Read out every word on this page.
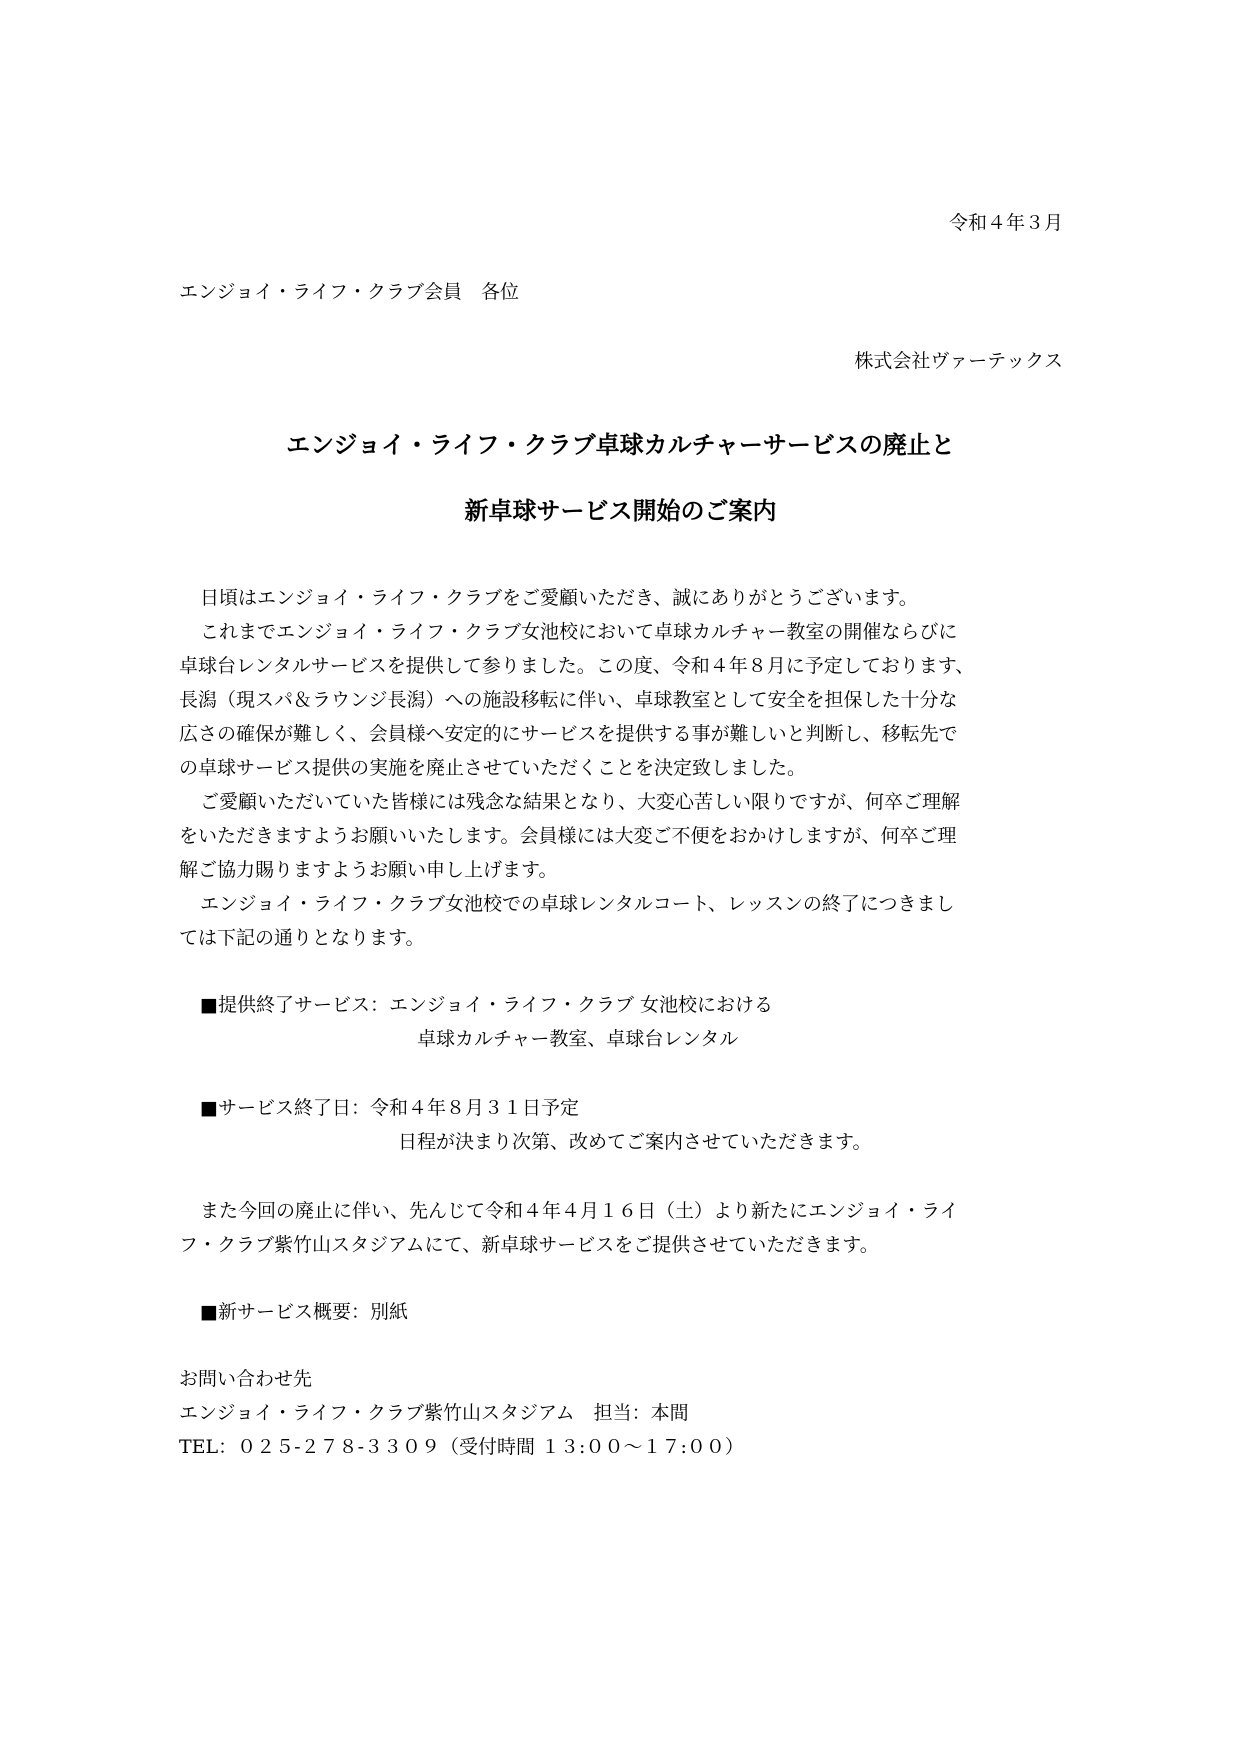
令和４年３月
エンジョイ・ライフ・クラブ会員　各位
株式会社ヴァーテックス
エンジョイ・ライフ・クラブ卓球カルチャーサービスの廃止と
新卓球サービス開始のご案内
日頃はエンジョイ・ライフ・クラブをご愛顧いただき、誠にありがとうございます。
これまでエンジョイ・ライフ・クラブ女池校において卓球カルチャー教室の開催ならびに
卓球台レンタルサービスを提供して参りました。この度、令和４年８月に予定しております、
長潟（現スパ＆ラウンジ長潟）への施設移転に伴い、卓球教室として安全を担保した十分な
広さの確保が難しく、会員様へ安定的にサービスを提供する事が難しいと判断し、移転先で
の卓球サービス提供の実施を廃止させていただくことを決定致しました。
ご愛顧いただいていた皆様には残念な結果となり、大変心苦しい限りですが、何卒ご理解
をいただきますようお願いいたします。会員様には大変ご不便をおかけしますが、何卒ご理
解ご協力賜りますようお願い申し上げます。
エンジョイ・ライフ・クラブ女池校での卓球レンタルコート、レッスンの終了につきまし
ては下記の通りとなります。
■提供終了サービス：エンジョイ・ライフ・クラブ 女池校における
卓球カルチャー教室、卓球台レンタル
■サービス終了日：令和４年８月３１日予定
日程が決まり次第、改めてご案内させていただきます。
また今回の廃止に伴い、先んじて令和４年４月１６日（土）より新たにエンジョイ・ライ
フ・クラブ紫竹山スタジアムにて、新卓球サービスをご提供させていただきます。
■新サービス概要：別紙
お問い合わせ先
エンジョイ・ライフ・クラブ紫竹山スタジアム　担当：本間
TEL：０２５-２７８-３３０９（受付時間 １３:００～１７:００）
